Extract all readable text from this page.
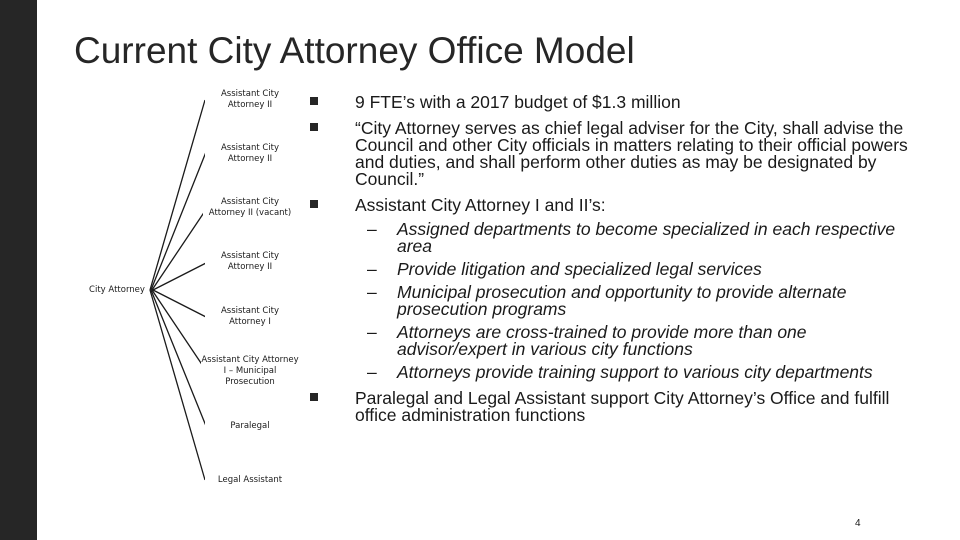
Current City Attorney Office Model
City Attorney
Assistant City Attorney II
Assistant City Attorney II
Assistant City Attorney II (vacant)
Assistant City Attorney II
Assistant City Attorney I
Assistant City Attorney I – Municipal Prosecution
Paralegal
Legal Assistant
9 FTE’s with a 2017 budget of $1.3 million
“City Attorney serves as chief legal adviser for the City, shall advise the Council and other City officials in matters relating to their official powers and duties, and shall perform other duties as may be designated by Council.”
Assistant City Attorney I and II’s:
– Assigned departments to become specialized in each respective area
– Provide litigation and specialized legal services
– Municipal prosecution and opportunity to provide alternate prosecution programs
– Attorneys are cross-trained to provide more than one advisor/expert in various city functions
– Attorneys provide training support to various city departments
Paralegal and Legal Assistant support City Attorney’s Office and fulfill office administration functions
4
